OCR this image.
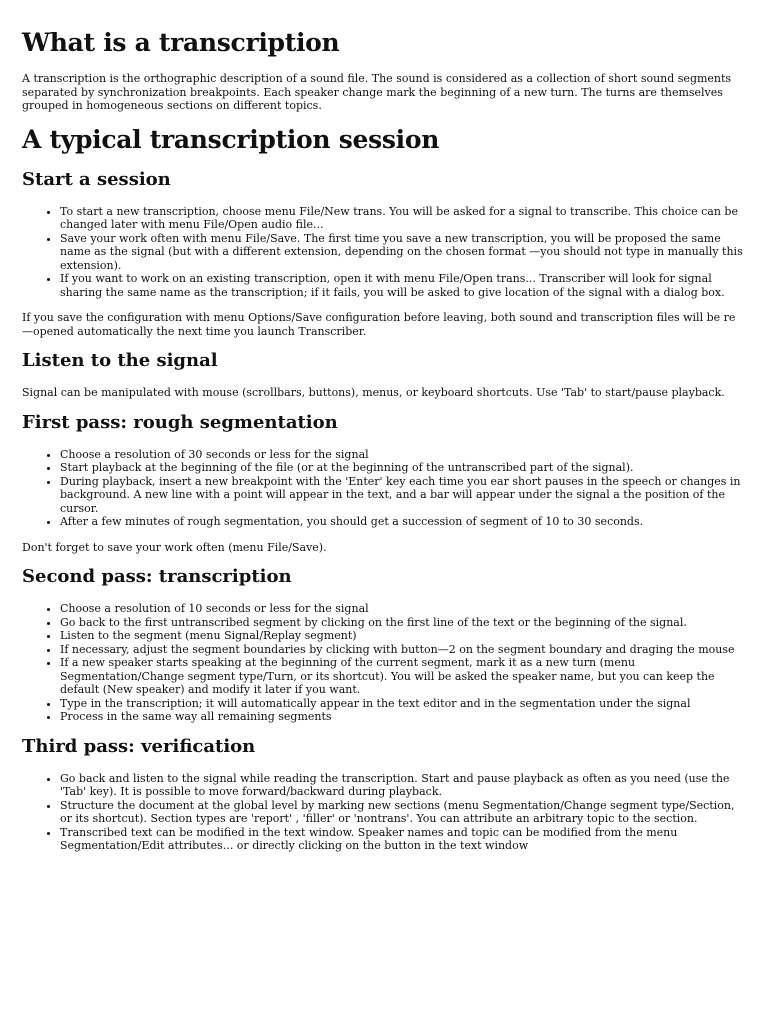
What is a transcription

A transcription is the orthographic description of a sound file. The sound is considered as a collection of short sound segments separated by synchronization breakpoints. Each speaker change mark the beginning of a new turn. The turns are themselves grouped in homogeneous sections on different topics.

A typical transcription session
Start a session
• To start a new transcription, choose menu File/New trans. You will be asked for a signal to transcribe. This choice can be changed later with menu File/Open audio file...
• Save your work often with menu File/Save. The first time you save a new transcription, you will be proposed the same name as the signal (but with a different extension, depending on the chosen format —you should not type in manually this extension).
• If you want to work on an existing transcription, open it with menu File/Open trans... Transcriber will look for signal sharing the same name as the transcription; if it fails, you will be asked to give location of the signal with a dialog box.

If you save the configuration with menu Options/Save configuration before leaving, both sound and transcription files will be re—opened automatically the next time you launch Transcriber.

Listen to the signal

Signal can be manipulated with mouse (scrollbars, buttons), menus, or keyboard shortcuts. Use 'Tab' to start/pause playback.

First pass: rough segmentation
• Choose a resolution of 30 seconds or less for the signal
• Start playback at the beginning of the file (or at the beginning of the untranscribed part of the signal).
• During playback, insert a new breakpoint with the 'Enter' key each time you ear short pauses in the speech or changes in background. A new line with a point will appear in the text, and a bar will appear under the signal a the position of the cursor.
• After a few minutes of rough segmentation, you should get a succession of segment of 10 to 30 seconds.

Don't forget to save your work often (menu File/Save).

Second pass: transcription
• Choose a resolution of 10 seconds or less for the signal
• Go back to the first untranscribed segment by clicking on the first line of the text or the beginning of the signal.
• Listen to the segment (menu Signal/Replay segment)
• If necessary, adjust the segment boundaries by clicking with button—2 on the segment boundary and draging the mouse
• If a new speaker starts speaking at the beginning of the current segment, mark it as a new turn (menu Segmentation/Change segment type/Turn, or its shortcut). You will be asked the speaker name, but you can keep the default (New speaker) and modify it later if you want.
• Type in the transcription; it will automatically appear in the text editor and in the segmentation under the signal
• Process in the same way all remaining segments
Third pass: verification
• Go back and listen to the signal while reading the transcription. Start and pause playback as often as you need (use the 'Tab' key). It is possible to move forward/backward during playback.
• Structure the document at the global level by marking new sections (menu Segmentation/Change segment type/Section, or its shortcut). Section types are 'report' , 'filler' or 'nontrans'. You can attribute an arbitrary topic to the section.
• Transcribed text can be modified in the text window. Speaker names and topic can be modified from the menu Segmentation/Edit attributes... or directly clicking on the button in the text window
